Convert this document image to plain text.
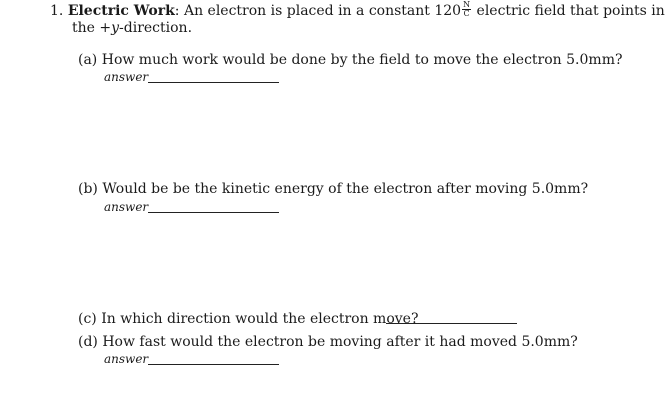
1. Electric Work: An electron is placed in a constant $120 \frac{N}{C}$ electric field that points in
the +y-direction.
(a) How much work would be done by the field to move the electron 5.0mm?
answer
(b) Would be be the kinetic energy of the electron after moving 5.0mm?
answer
(c) In which direction would the electron move?
(d) How fast would the electron be moving after it had moved 5.0mm?
answer
